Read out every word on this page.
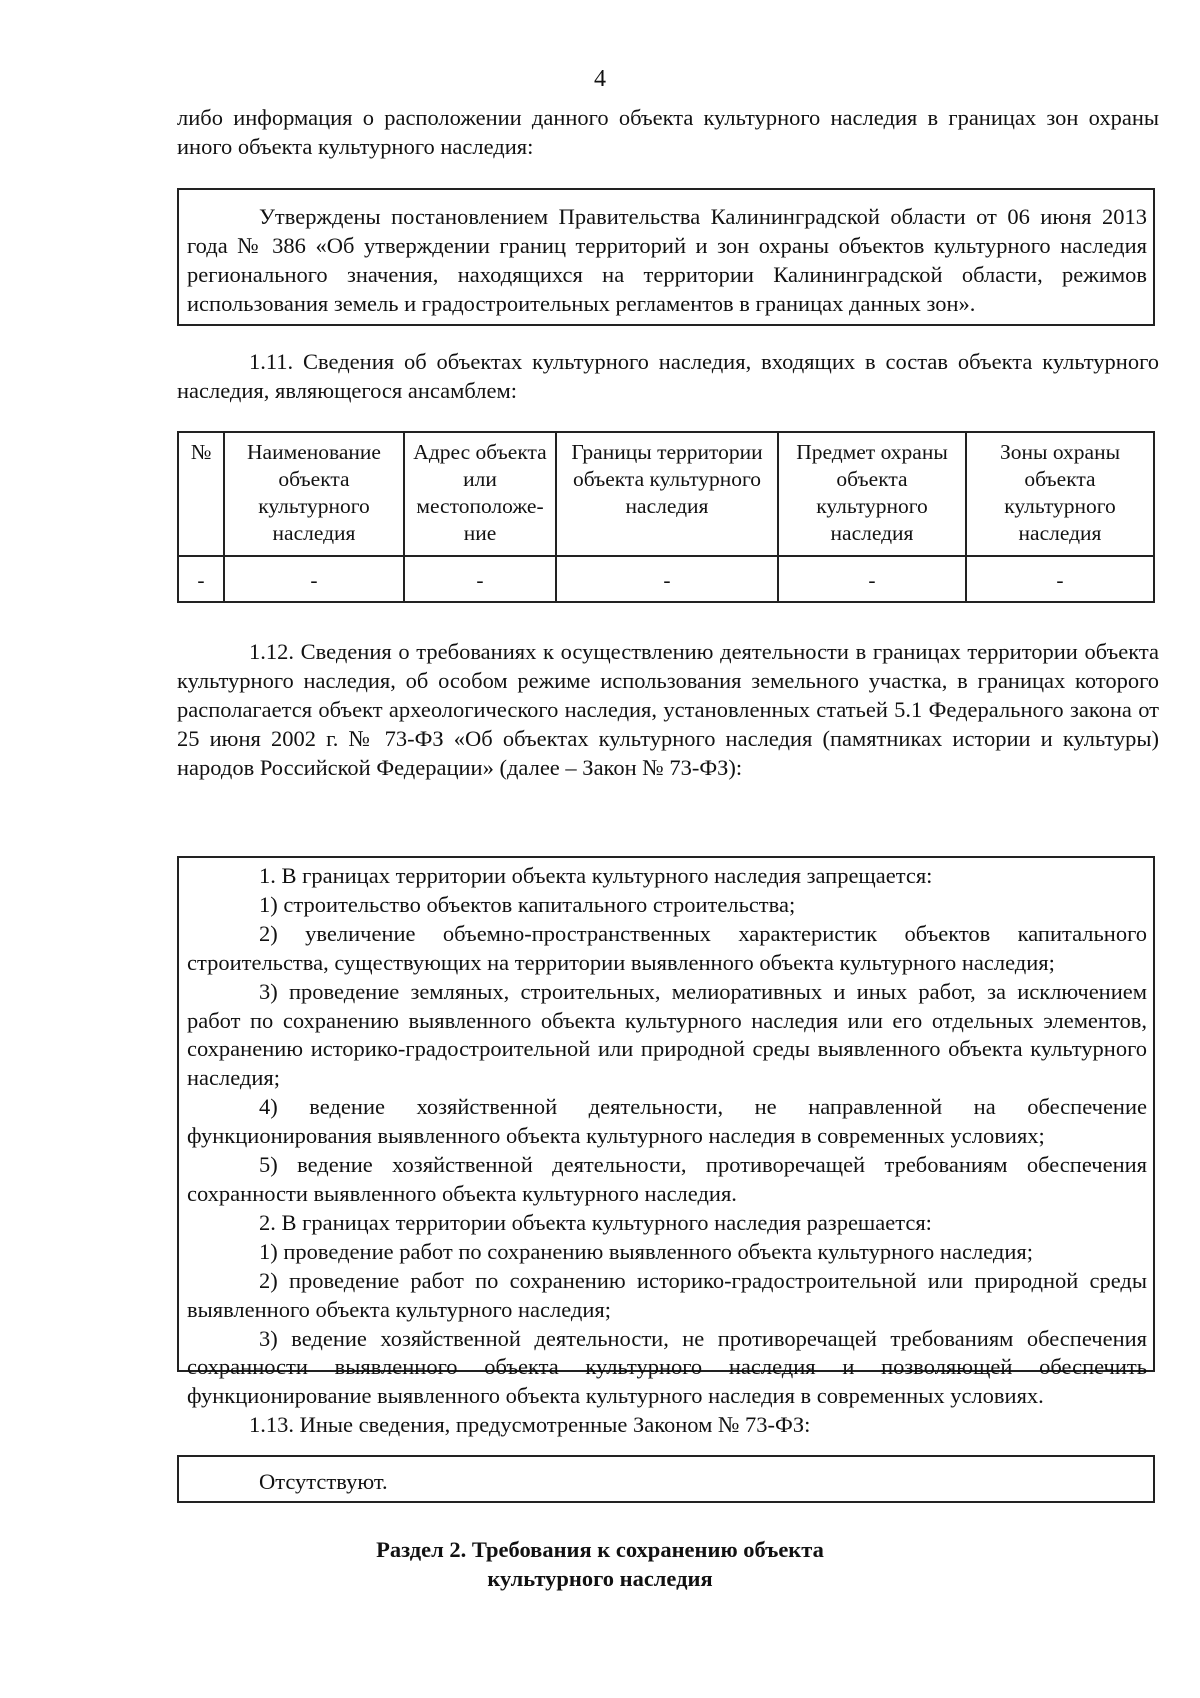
4
либо информация о расположении данного объекта культурного наследия в границах зон охраны иного объекта культурного наследия:

Утверждены постановлением Правительства Калининградской области от 06 июня 2013 года № 386 «Об утверждении границ территорий и зон охраны объектов культурного наследия регионального значения, находящихся на территории Калининградской области, режимов использования земель и градостроительных регламентов в границах данных зон».

1.11. Сведения об объектах культурного наследия, входящих в состав объекта культурного наследия, являющегося ансамблем:
№	Наименование объекта культурного наследия	Адрес объекта или местоположе-ние	Границы территории объекта культурного наследия	Предмет охраны объекта культурного наследия	Зоны охраны объекта культурного наследия
-	-	-	-	-	-
1.12. Сведения о требованиях к осуществлению деятельности в границах территории объекта культурного наследия, об особом режиме использования земельного участка, в границах которого располагается объект археологического наследия, установленных статьей 5.1 Федерального закона от 25 июня 2002 г. № 73-ФЗ «Об объектах культурного наследия (памятниках истории и культуры) народов Российской Федерации» (далее – Закон № 73-ФЗ):

1. В границах территории объекта культурного наследия запрещается:

1) строительство объектов капитального строительства;

2) увеличение объемно-пространственных характеристик объектов капитального строительства, существующих на территории выявленного объекта культурного наследия;

3) проведение земляных, строительных, мелиоративных и иных работ, за исключением работ по сохранению выявленного объекта культурного наследия или его отдельных элементов, сохранению историко-градостроительной или природной среды выявленного объекта культурного наследия;

4) ведение хозяйственной деятельности, не направленной на обеспечение функционирования выявленного объекта культурного наследия в современных условиях;

5) ведение хозяйственной деятельности, противоречащей требованиям обеспечения сохранности выявленного объекта культурного наследия.

2. В границах территории объекта культурного наследия разрешается:

1) проведение работ по сохранению выявленного объекта культурного наследия;

2) проведение работ по сохранению историко-градостроительной или природной среды выявленного объекта культурного наследия;

3) ведение хозяйственной деятельности, не противоречащей требованиям обеспечения сохранности выявленного объекта культурного наследия и позволяющей обеспечить функционирование выявленного объекта культурного наследия в современных условиях.

1.13. Иные сведения, предусмотренные Законом № 73-ФЗ:

Отсутствуют.

Раздел 2. Требования к сохранению объекта
культурного наследия
